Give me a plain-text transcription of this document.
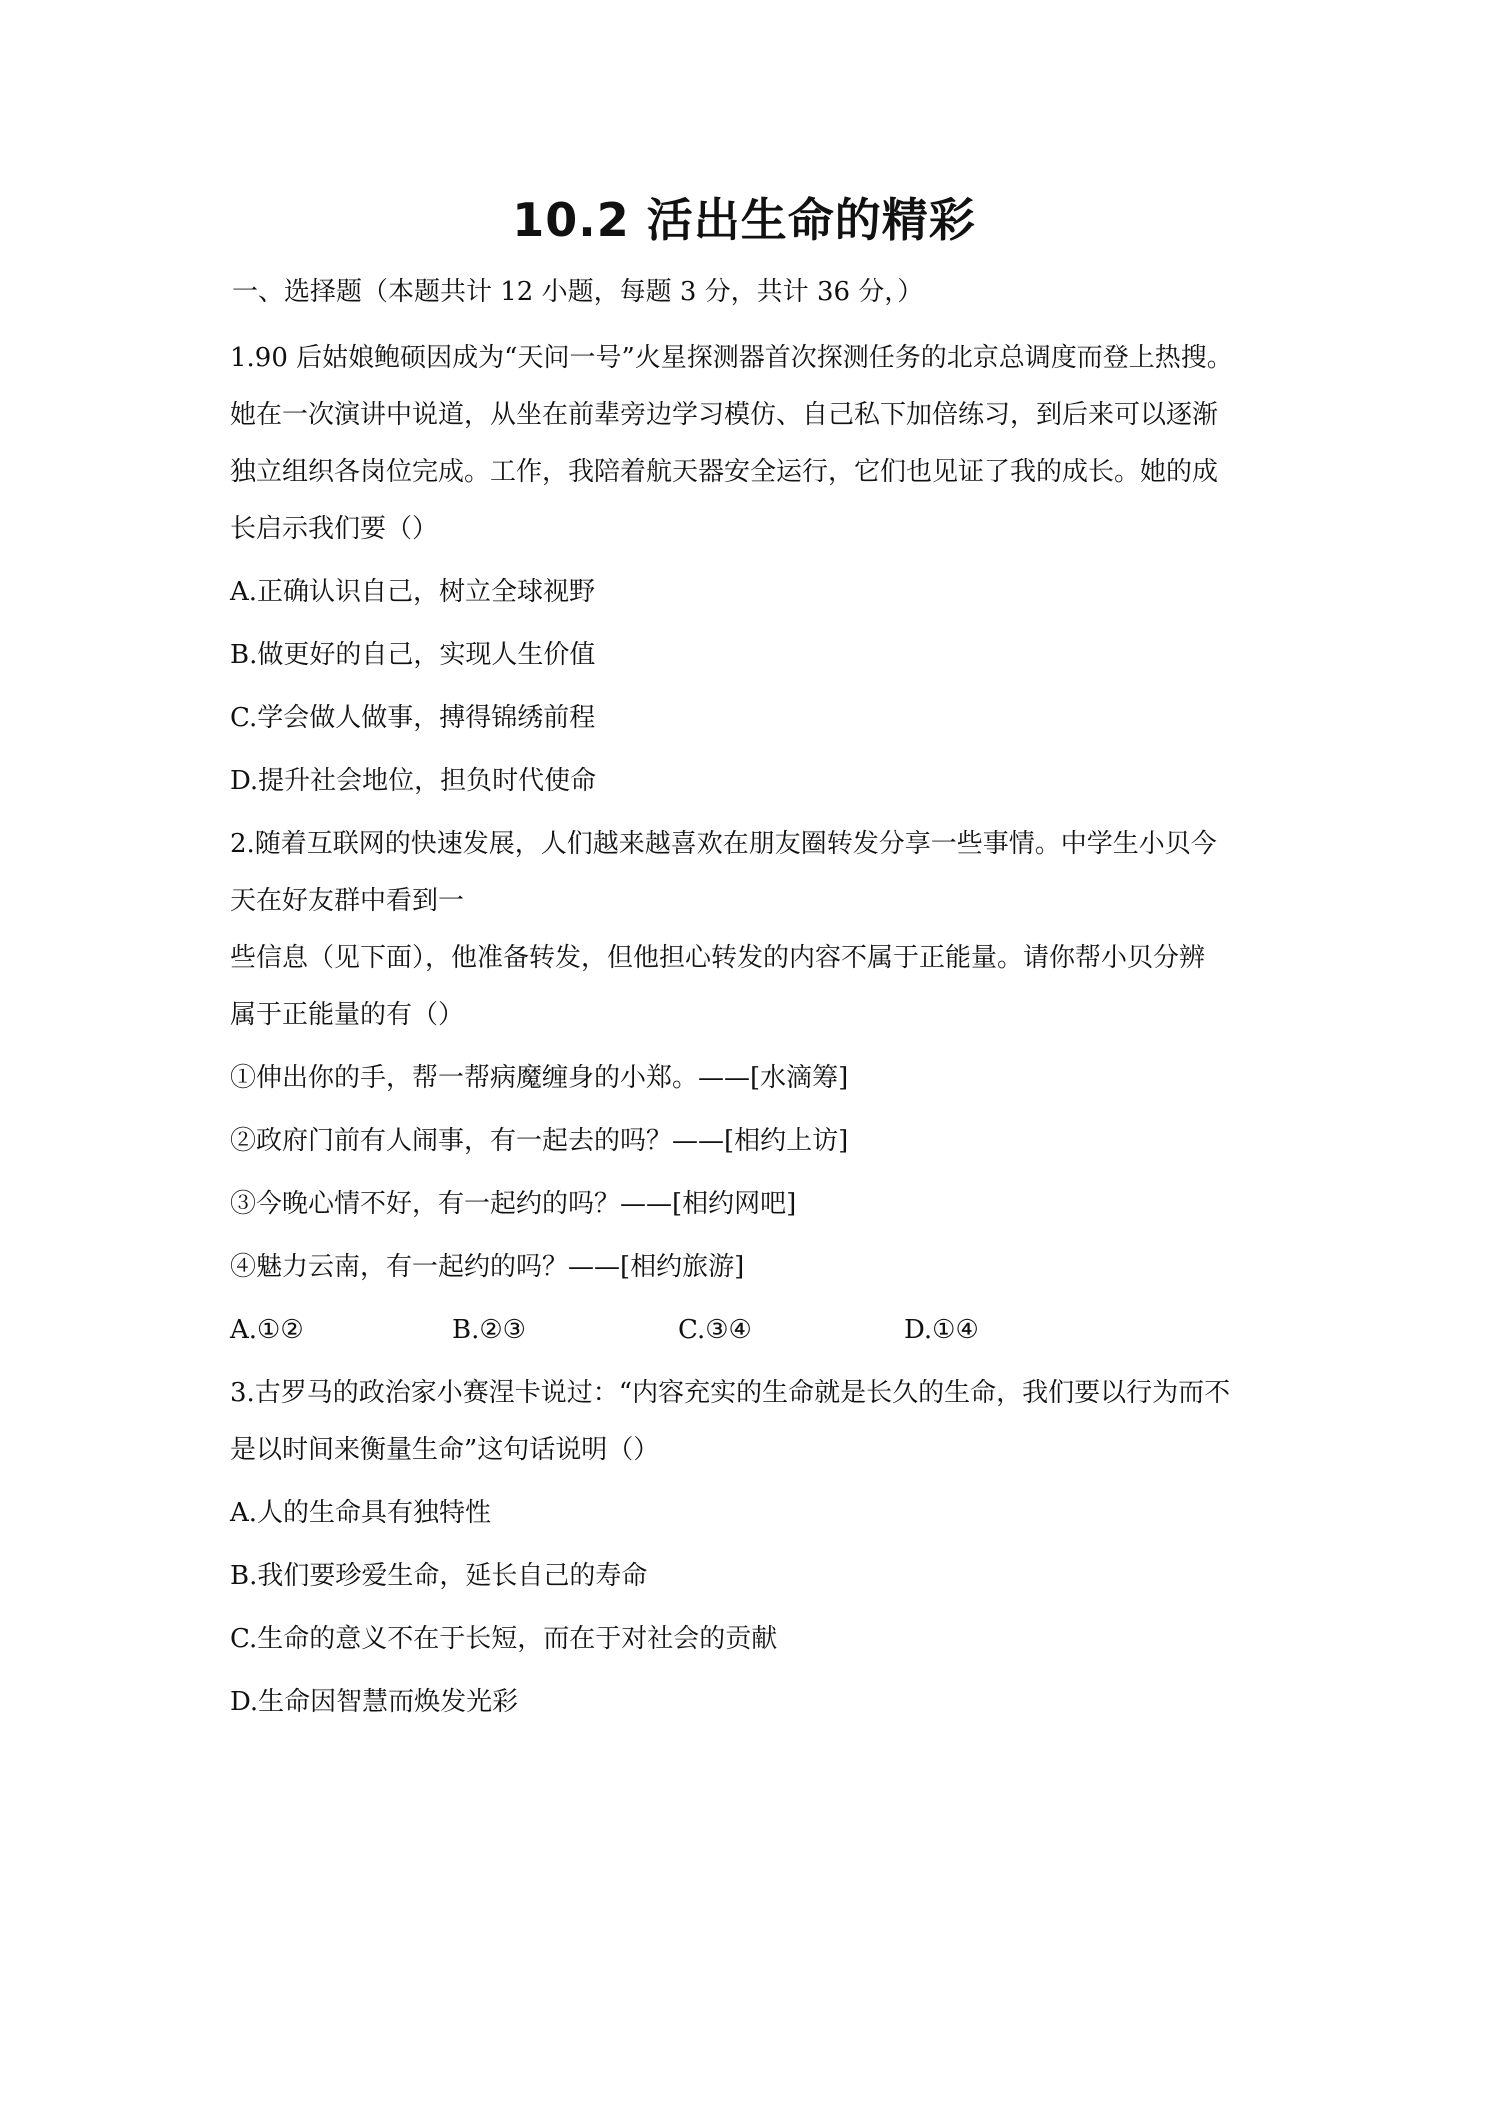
10.2 活出生命的精彩
一、选择题（本题共计 12 小题，每题 3 分，共计 36 分，）
1.90 后姑娘鲍硕因成为“天问一号”火星探测器首次探测任务的北京总调度而登上热搜。
她在一次演讲中说道，从坐在前辈旁边学习模仿、自己私下加倍练习，到后来可以逐渐
独立组织各岗位完成。工作，我陪着航天器安全运行，它们也见证了我的成长。她的成
长启示我们要（）
A.正确认识自己，树立全球视野
B.做更好的自己，实现人生价值
C.学会做人做事，搏得锦绣前程
D.提升社会地位，担负时代使命
2.随着互联网的快速发展，人们越来越喜欢在朋友圈转发分享一些事情。中学生小贝今
天在好友群中看到一
些信息（见下面），他准备转发，但他担心转发的内容不属于正能量。请你帮小贝分辨
属于正能量的有（）
①伸出你的手，帮一帮病魔缠身的小郑。——[水滴筹]
②政府门前有人闹事，有一起去的吗？——[相约上访]
③今晚心情不好，有一起约的吗？——[相约网吧]
④魅力云南，有一起约的吗？——[相约旅游]
A.①②	B.②③	C.③④	D.①④
3.古罗马的政治家小赛涅卡说过：“内容充实的生命就是长久的生命，我们要以行为而不
是以时间来衡量生命”这句话说明（）
A.人的生命具有独特性
B.我们要珍爱生命，延长自己的寿命
C.生命的意义不在于长短，而在于对社会的贡献
D.生命因智慧而焕发光彩
